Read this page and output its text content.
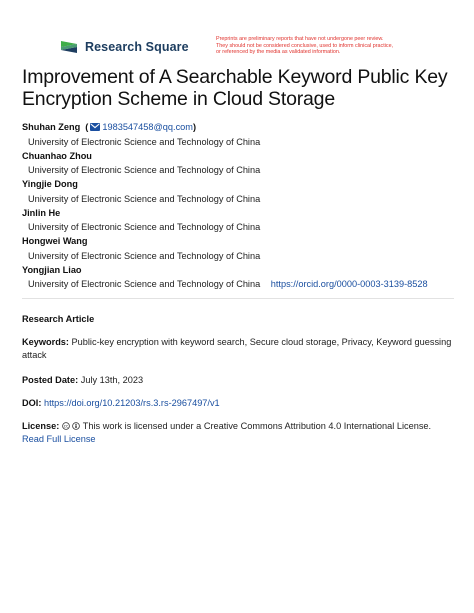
Research Square
Preprints are preliminary reports that have not undergone peer review.
They should not be considered conclusive, used to inform clinical practice,
or referenced by the media as validated information.
Improvement of A Searchable Keyword Public Key
Encryption Scheme in Cloud Storage
Shuhan Zeng  ( 1983547458@qq.com)
University of Electronic Science and Technology of China
Chuanhao Zhou
University of Electronic Science and Technology of China
Yingjie Dong
University of Electronic Science and Technology of China
Jinlin He
University of Electronic Science and Technology of China
Hongwei Wang
University of Electronic Science and Technology of China
Yongjian Liao
University of Electronic Science and Technology of China https://orcid.org/0000-0003-3139-8528
Research Article
Keywords: Public-key encryption with keyword search, Secure cloud storage, Privacy, Keyword guessing attack
Posted Date: July 13th, 2023
DOI: https://doi.org/10.21203/rs.3.rs-2967497/v1
License: cc This work is licensed under a Creative Commons Attribution 4.0 International License.
Read Full License
